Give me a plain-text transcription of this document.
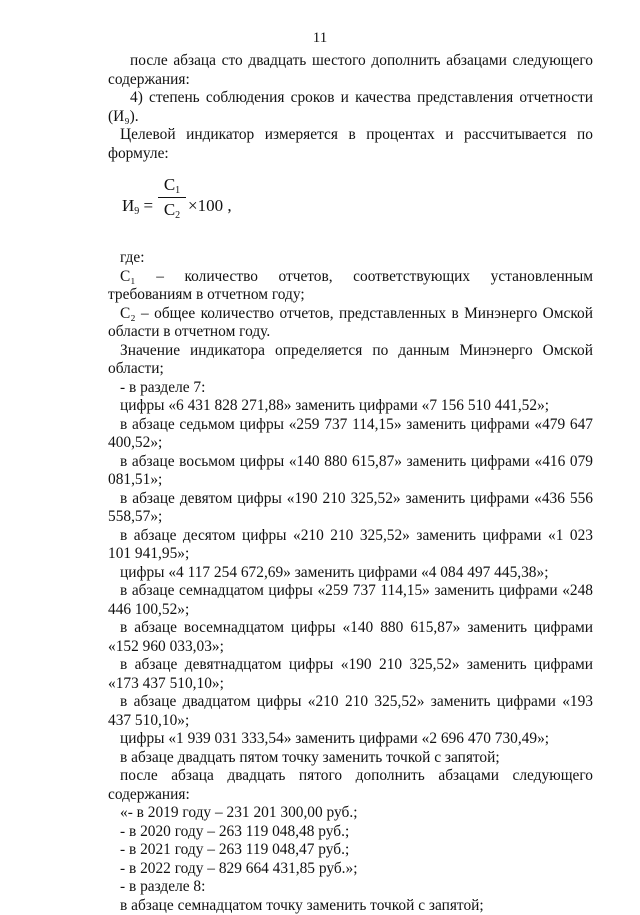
11

после абзаца сто двадцать шестого дополнить абзацами следующего содержания:

4) степень соблюдения сроков и качества представления отчетности (И₉).

Целевой индикатор измеряется в процентах и рассчитывается по формуле:

$И_9$ =
$С_1$
$С_2$
×100 ,

где:

С₁ – количество отчетов, соответствующих установленным требованиям в отчетном году;

С₂ – общее количество отчетов, представленных в Минэнерго Омской области в отчетном году.

Значение индикатора определяется по данным Минэнерго Омской области;

- в разделе 7:

цифры «6 431 828 271,88» заменить цифрами «7 156 510 441,52»;

в абзаце седьмом цифры «259 737 114,15» заменить цифрами «479 647 400,52»;

в абзаце восьмом цифры «140 880 615,87» заменить цифрами «416 079 081,51»;

в абзаце девятом цифры «190 210 325,52» заменить цифрами «436 556 558,57»;

в абзаце десятом цифры «210 210 325,52» заменить цифрами «1 023 101 941,95»;

цифры «4 117 254 672,69» заменить цифрами «4 084 497 445,38»;

в абзаце семнадцатом цифры «259 737 114,15» заменить цифрами «248 446 100,52»;

в абзаце восемнадцатом цифры «140 880 615,87» заменить цифрами «152 960 033,03»;

в абзаце девятнадцатом цифры «190 210 325,52» заменить цифрами «173 437 510,10»;

в абзаце двадцатом цифры «210 210 325,52» заменить цифрами «193 437 510,10»;

цифры «1 939 031 333,54» заменить цифрами «2 696 470 730,49»;

в абзаце двадцать пятом точку заменить точкой с запятой;

после абзаца двадцать пятого дополнить абзацами следующего содержания:

«- в 2019 году – 231 201 300,00 руб.;

- в 2020 году – 263 119 048,48 руб.;

- в 2021 году – 263 119 048,47 руб.;

- в 2022 году – 829 664 431,85 руб.»;

- в разделе 8:

в абзаце семнадцатом точку заменить точкой с запятой;
